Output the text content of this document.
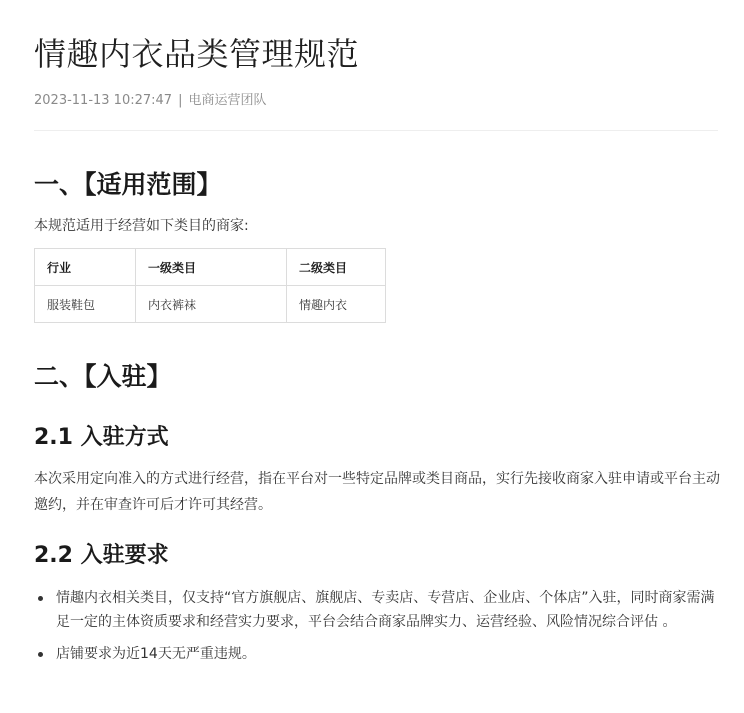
情趣内衣品类管理规范
2023-11-13 10:27:47 | 电商运营团队
一、【适用范围】

本规范适用于经营如下类目的商家:

行业	一级类目	二级类目
服装鞋包	内衣裤袜	情趣内衣
二、【入驻】
2.1 入驻方式

本次采用定向准入的方式进行经营，指在平台对一些特定品牌或类目商品，实行先接收商家入驻申请或平台主动邀约，并在审查许可后才许可其经营。

2.2 入驻要求
情趣内衣相关类目，仅支持“官方旗舰店、旗舰店、专卖店、专营店、企业店、个体店”入驻，同时商家需满足一定的主体资质要求和经营实力要求，平台会结合商家品牌实力、运营经验、风险情况综合评估 。
店铺要求为近14天无严重违规。
